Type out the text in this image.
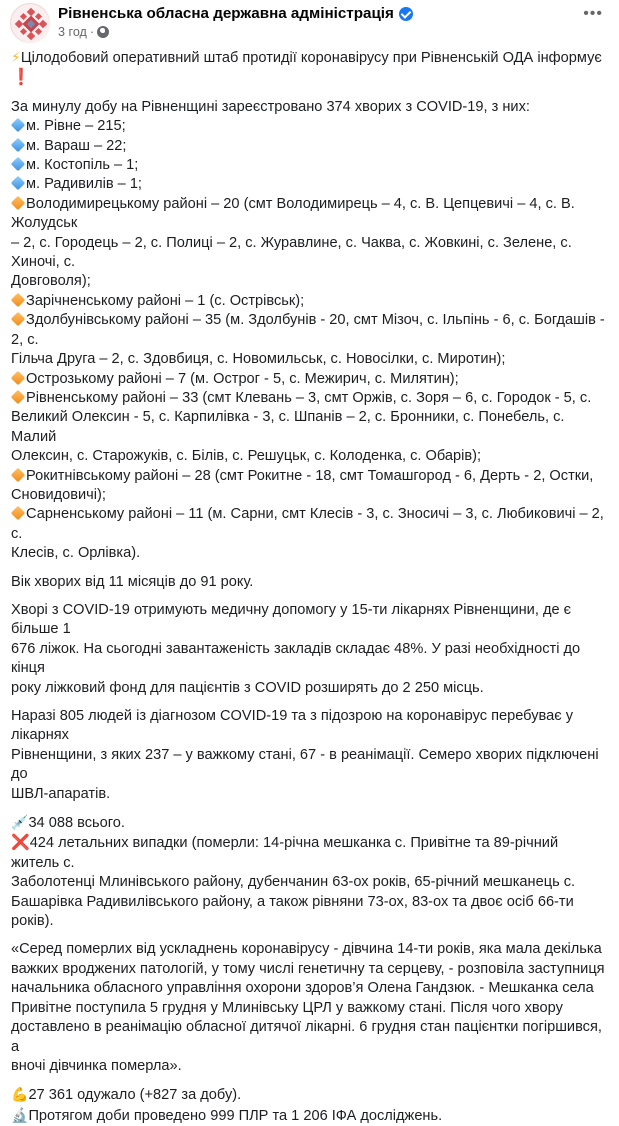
Рівненська обласна державна адміністрація
3 год ·
•••
⚡Цілодобовий оперативний штаб протидії коронавірусу при Рівненській ОДА інформує ❗
За минулу добу на Рівненщині зареєстровано 374 хворих з COVID-19, з них:
м. Рівне – 215;
м. Вараш – 22;
м. Костопіль – 1;
м. Радивилів – 1;
Володимирецькому районі – 20 (смт Володимирець – 4, с. В. Цепцевичі – 4, с. В. Жолудськ
– 2, с. Городець – 2, с. Полиці – 2, с. Журавлине, с. Чаква, с. Жовкині, с. Зелене, с. Хиночі, с.
Довговоля);
Зарічненському районі – 1 (с. Острівськ);
Здолбунівському районі – 35 (м. Здолбунів - 20, смт Мізоч, с. Ільпінь - 6, с. Богдашів - 2, с.
Гільча Друга – 2, с. Здовбиця, с. Новомильськ, с. Новосілки, с. Миротин);
Острозькому районі – 7 (м. Острог - 5, с. Межирич, с. Милятин);
Рівненському районі – 33 (смт Клевань – 3, смт Оржів, с. Зоря – 6, с. Городок - 5, с.
Великий Олексин - 5, с. Карпилівка - 3, с. Шпанів – 2, с. Бронники, с. Понебель, с. Малий
Олексин, с. Старожуків, с. Білів, с. Решуцьк, с. Колоденка, с. Обарів);
Рокитнівському районі – 28 (смт Рокитне - 18, смт Томашгород - 6, Дерть - 2, Остки,
Сновидовичі);
Сарненському районі – 11 (м. Сарни, смт Клесів - 3, с. Зносичі – 3, с. Любиковичі – 2, с.
Клесів, с. Орлівка).
Вік хворих від 11 місяців до 91 року.
Хворі з COVID-19 отримують медичну допомогу у 15-ти лікарнях Рівненщини, де є більше 1
676 ліжок. На сьогодні завантаженість закладів складає 48%. У разі необхідності до кінця
року ліжковий фонд для пацієнтів з COVID розширять до 2 250 місць.
Наразі 805 людей із діагнозом COVID-19 та з підозрою на коронавірус перебуває у лікарнях
Рівненщини, з яких 237 – у важкому стані, 67 - в реанімації. Семеро хворих підключені до
ШВЛ-апаратів.
💉34 088 всього.
❌424 летальних випадки (померли: 14-річна мешканка с. Привітне та 89-річний житель с.
Заболотенці Млинівського району, дубенчанин 63-ох років, 65-річний мешканець с.
Башарівка Радивилівського району, а також рівняни 73-ох, 83-ох та двоє осіб 66-ти років).
«Серед померлих від ускладнень коронавірусу - дівчина 14-ти років, яка мала декілька
важких вроджених патологій, у тому числі генетичну та серцеву, - розповіла заступниця
начальника обласного управління охорони здоров’я Олена Гандзюк. - Мешканка села
Привітне поступила 5 грудня у Млинівську ЦРЛ у важкому стані. Після чого хвору
доставлено в реанімацію обласної дитячої лікарні. 6 грудня стан пацієнтки погіршився, а
вночі дівчинка померла».
💪27 361 одужало (+827 за добу).
🔬Протягом доби проведено 999 ПЛР та 1 206 ІФА досліджень.
